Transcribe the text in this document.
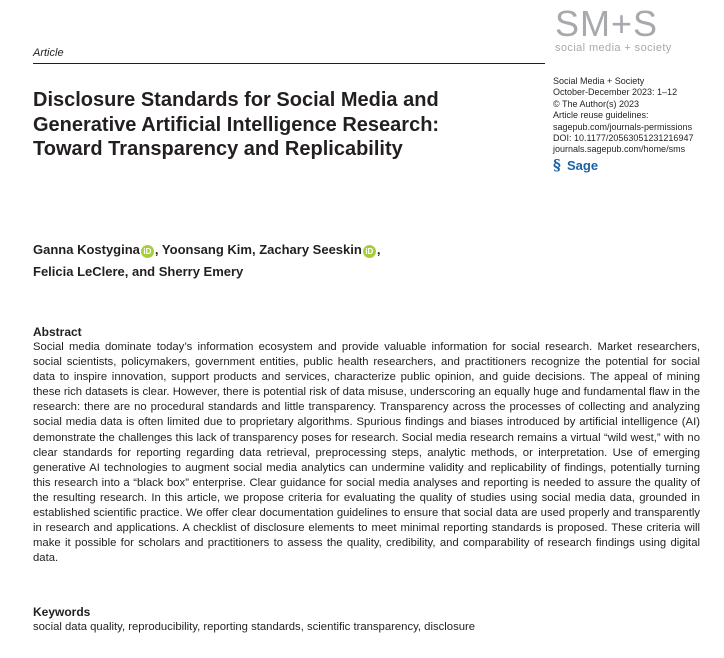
Article
SM+S
social media + society
Disclosure Standards for Social Media and Generative Artificial Intelligence Research: Toward Transparency and Replicability
Social Media + Society
October-December 2023: 1–12
© The Author(s) 2023
Article reuse guidelines:
sagepub.com/journals-permissions
DOI: 10.1177/20563051231216947
journals.sagepub.com/home/sms
§ Sage
Ganna Kostygina iD , Yoonsang Kim, Zachary Seeskin iD ,
Felicia LeClere, and Sherry Emery
Abstract

Social media dominate today’s information ecosystem and provide valuable information for social research. Market researchers, social scientists, policymakers, government entities, public health researchers, and practitioners recognize the potential for social data to inspire innovation, support products and services, characterize public opinion, and guide decisions. The appeal of mining these rich datasets is clear. However, there is potential risk of data misuse, underscoring an equally huge and fundamental flaw in the research: there are no procedural standards and little transparency. Transparency across the processes of collecting and analyzing social media data is often limited due to proprietary algorithms. Spurious findings and biases introduced by artificial intelligence (AI) demonstrate the challenges this lack of transparency poses for research. Social media research remains a virtual “wild west,” with no clear standards for reporting regarding data retrieval, preprocessing steps, analytic methods, or interpretation. Use of emerging generative AI technologies to augment social media analytics can undermine validity and replicability of findings, potentially turning this research into a “black box” enterprise. Clear guidance for social media analyses and reporting is needed to assure the quality of the resulting research. In this article, we propose criteria for evaluating the quality of studies using social media data, grounded in established scientific practice. We offer clear documentation guidelines to ensure that social data are used properly and transparently in research and applications. A checklist of disclosure elements to meet minimal reporting standards is proposed. These criteria will make it possible for scholars and practitioners to assess the quality, credibility, and comparability of research findings using digital data.

Keywords
social data quality, reproducibility, reporting standards, scientific transparency, disclosure
